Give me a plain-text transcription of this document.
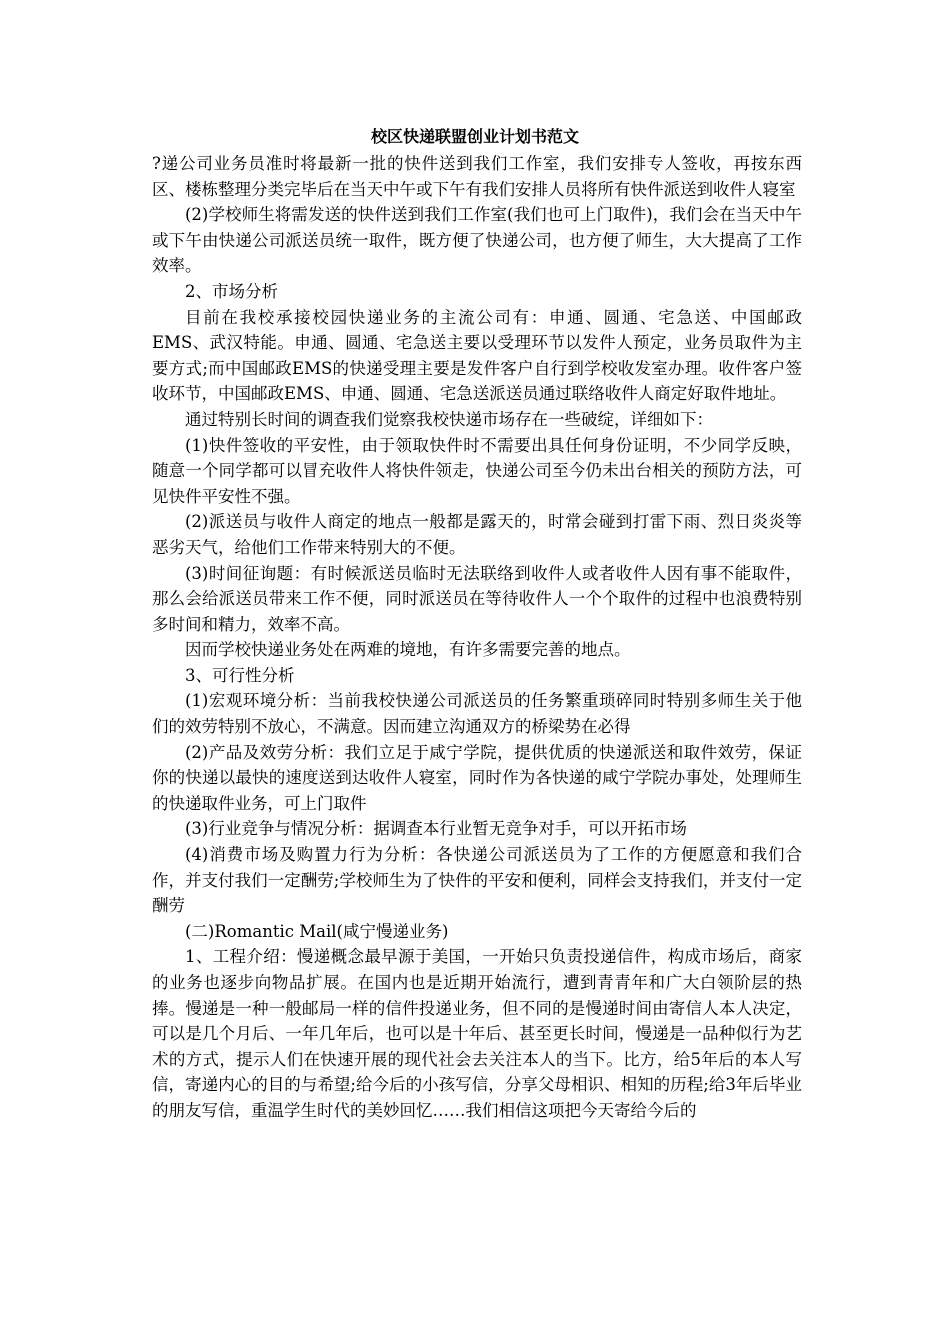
校区快递联盟创业计划书范文

?递公司业务员准时将最新一批的快件送到我们工作室，我们安排专人签收，再按东西区、楼栋整理分类完毕后在当天中午或下午有我们安排人员将所有快件派送到收件人寝室

(2)学校师生将需发送的快件送到我们工作室(我们也可上门取件)，我们会在当天中午或下午由快递公司派送员统一取件，既方便了快递公司，也方便了师生，大大提高了工作效率。

2、市场分析

目前在我校承接校园快递业务的主流公司有：申通、圆通、宅急送、中国邮政EMS、武汉特能。申通、圆通、宅急送主要以受理环节以发件人预定，业务员取件为主要方式;而中国邮政EMS的快递受理主要是发件客户自行到学校收发室办理。收件客户签收环节，中国邮政EMS、申通、圆通、宅急送派送员通过联络收件人商定好取件地址。

通过特别长时间的调查我们觉察我校快递市场存在一些破绽，详细如下：

(1)快件签收的平安性，由于领取快件时不需要出具任何身份证明，不少同学反映，随意一个同学都可以冒充收件人将快件领走，快递公司至今仍未出台相关的预防方法，可见快件平安性不强。

(2)派送员与收件人商定的地点一般都是露天的，时常会碰到打雷下雨、烈日炎炎等恶劣天气，给他们工作带来特别大的不便。

(3)时间征询题：有时候派送员临时无法联络到收件人或者收件人因有事不能取件，那么会给派送员带来工作不便，同时派送员在等待收件人一个个取件的过程中也浪费特别多时间和精力，效率不高。

因而学校快递业务处在两难的境地，有许多需要完善的地点。

3、可行性分析

(1)宏观环境分析：当前我校快递公司派送员的任务繁重琐碎同时特别多师生关于他们的效劳特别不放心，不满意。因而建立沟通双方的桥梁势在必得

(2)产品及效劳分析：我们立足于咸宁学院，提供优质的快递派送和取件效劳，保证你的快递以最快的速度送到达收件人寝室，同时作为各快递的咸宁学院办事处，处理师生的快递取件业务，可上门取件

(3)行业竞争与情况分析：据调查本行业暂无竞争对手，可以开拓市场

(4)消费市场及购置力行为分析：各快递公司派送员为了工作的方便愿意和我们合作，并支付我们一定酬劳;学校师生为了快件的平安和便利，同样会支持我们，并支付一定酬劳

(二)Romantic Mail(咸宁慢递业务)

1、工程介绍：慢递概念最早源于美国，一开始只负责投递信件，构成市场后，商家的业务也逐步向物品扩展。在国内也是近期开始流行，遭到青青年和广大白领阶层的热捧。慢递是一种一般邮局一样的信件投递业务，但不同的是慢递时间由寄信人本人决定，可以是几个月后、一年几年后，也可以是十年后、甚至更长时间，慢递是一品种似行为艺术的方式，提示人们在快速开展的现代社会去关注本人的当下。比方，给5年后的本人写信，寄递内心的目的与希望;给今后的小孩写信，分享父母相识、相知的历程;给3年后毕业的朋友写信，重温学生时代的美妙回忆……我们相信这项把今天寄给今后的
